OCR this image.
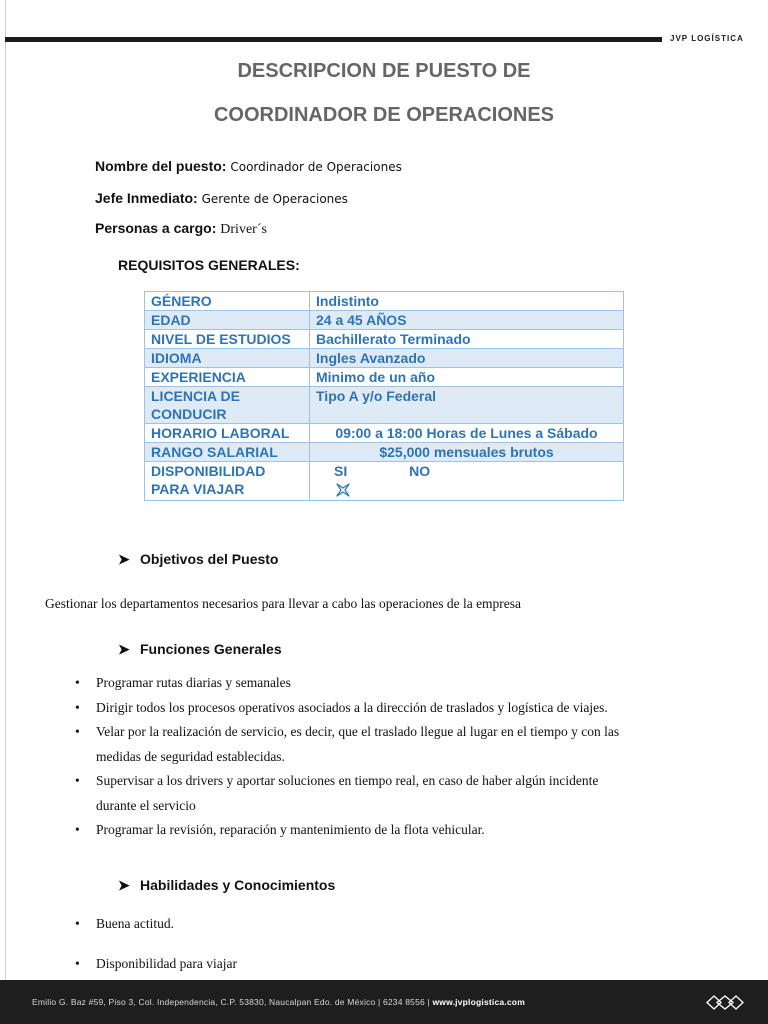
JVP LOGÍSTICA
DESCRIPCION DE PUESTO DE
COORDINADOR DE OPERACIONES
Nombre del puesto: Coordinador de Operaciones
Jefe Inmediato: Gerente de Operaciones
Personas a cargo: Driver´s
REQUISITOS GENERALES:
GÉNERO	Indistinto
EDAD	24 a 45 AÑOS
NIVEL DE ESTUDIOS	Bachillerato Terminado
IDIOMA	Ingles Avanzado
EXPERIENCIA	Minimo de un año
LICENCIA DE CONDUCIR	Tipo A y/o Federal
HORARIO LABORAL	09:00 a 18:00 Horas de Lunes a Sábado
RANGO SALARIAL	$25,000 mensuales brutos
DISPONIBILIDAD PARA VIAJAR	SI NO
➤ Objetivos del Puesto
Gestionar los departamentos necesarios para llevar a cabo las operaciones de la empresa
➤ Funciones Generales
• Programar rutas diarias y semanales
• Dirigir todos los procesos operativos asociados a la dirección de traslados y logística de viajes.
• Velar por la realización de servicio, es decir, que el traslado llegue al lugar en el tiempo y con las medidas de seguridad establecidas.
• Supervisar a los drivers y aportar soluciones en tiempo real, en caso de haber algún incidente durante el servicio
• Programar la revisión, reparación y mantenimiento de la flota vehicular.
➤ Habilidades y Conocimientos
• Buena actitud.
• Disponibilidad para viajar
Emilio G. Baz #59, Piso 3, Col. Independencia, C.P. 53830, Naucalpan Edo. de México | 6234 8556 | www.jvplogistica.com
